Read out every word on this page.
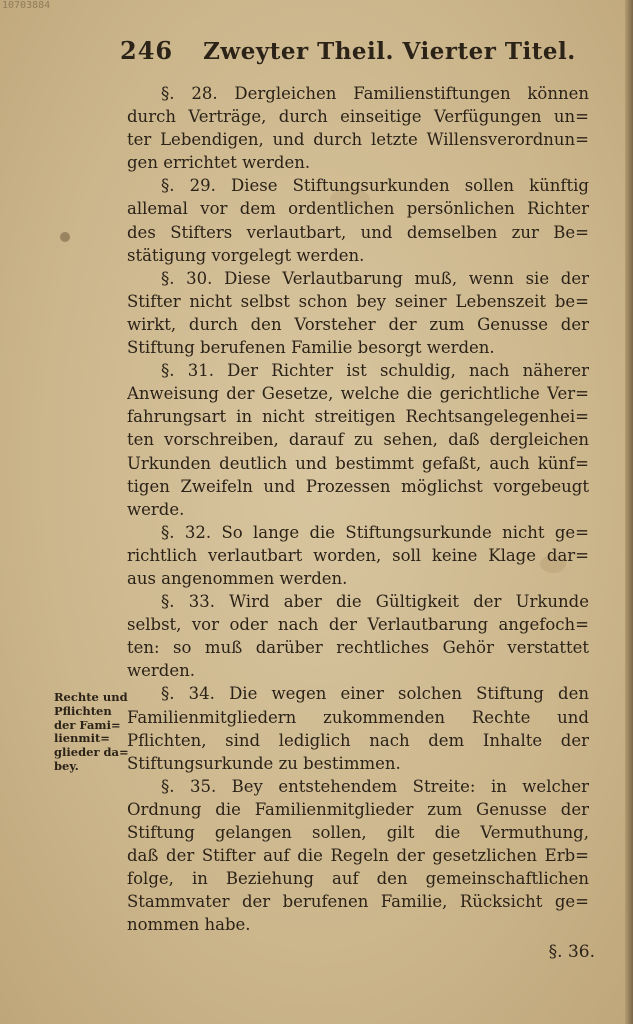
10703884
246 Zweyter Theil. Vierter Titel.
Rechte und
Pflichten
der Fami=
lienmit=
glieder da=
bey.
§. 28. Dergleichen Familienstiftungen können
durch Verträge, durch einseitige Verfügungen un=
ter Lebendigen, und durch letzte Willensverordnun=
gen errichtet werden.
§. 29. Diese Stiftungsurkunden sollen künftig
allemal vor dem ordentlichen persönlichen Richter
des Stifters verlautbart, und demselben zur Be=
stätigung vorgelegt werden.
§. 30. Diese Verlautbarung muß, wenn sie der
Stifter nicht selbst schon bey seiner Lebenszeit be=
wirkt, durch den Vorsteher der zum Genusse der
Stiftung berufenen Familie besorgt werden.
§. 31. Der Richter ist schuldig, nach näherer
Anweisung der Gesetze, welche die gerichtliche Ver=
fahrungsart in nicht streitigen Rechtsangelegenhei=
ten vorschreiben, darauf zu sehen, daß dergleichen
Urkunden deutlich und bestimmt gefaßt, auch künf=
tigen Zweifeln und Prozessen möglichst vorgebeugt
werde.
§. 32. So lange die Stiftungsurkunde nicht ge=
richtlich verlautbart worden, soll keine Klage dar=
aus angenommen werden.
§. 33. Wird aber die Gültigkeit der Urkunde
selbst, vor oder nach der Verlautbarung angefoch=
ten: so muß darüber rechtliches Gehör verstattet
werden.
§. 34. Die wegen einer solchen Stiftung den
Familienmitgliedern zukommenden Rechte und
Pflichten, sind lediglich nach dem Inhalte der
Stiftungsurkunde zu bestimmen.
§. 35. Bey entstehendem Streite: in welcher
Ordnung die Familienmitglieder zum Genusse der
Stiftung gelangen sollen, gilt die Vermuthung,
daß der Stifter auf die Regeln der gesetzlichen Erb=
folge, in Beziehung auf den gemeinschaftlichen
Stammvater der berufenen Familie, Rücksicht ge=
nommen habe.
§. 36.
